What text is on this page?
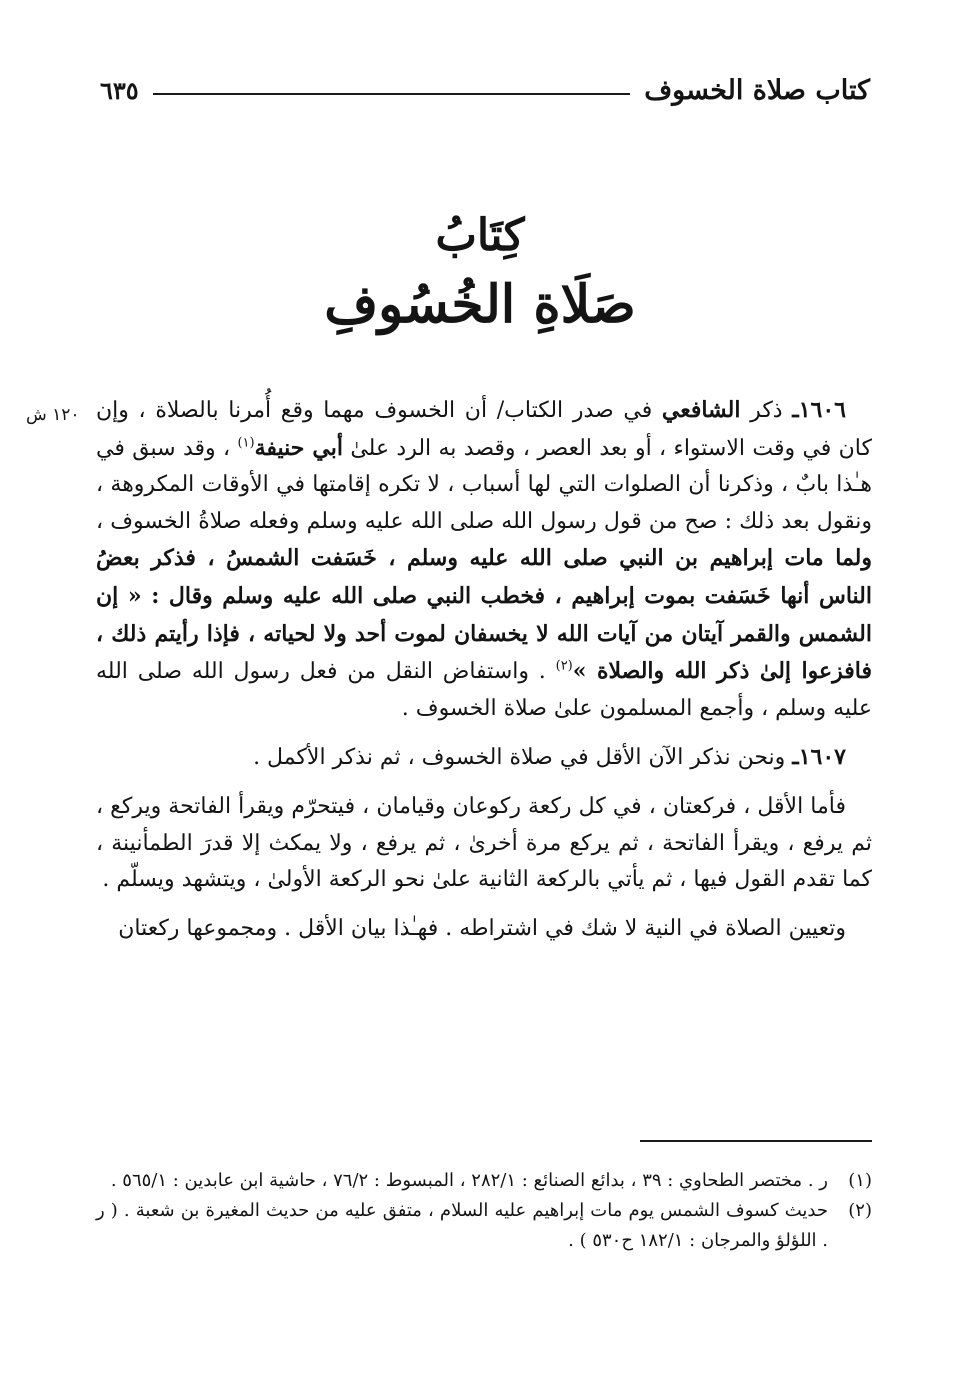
كتاب صلاة الخسوف
٦٣٥
كِتَابُ
صَلَاةِ الخُسُوفِ
١٢٠ ش	١٦٠٦ـ ذكر الشافعي في صدر الكتاب/ أن الخسوف مهما وقع أُمرنا بالصلاة ، وإن كان في وقت الاستواء ، أو بعد العصر ، وقصد به الرد علىٰ أبي حنيفة$^{(١)}$ ، وقد سبق في هـٰذا بابٌ ، وذكرنا أن الصلوات التي لها أسباب ، لا تكره إقامتها في الأوقات المكروهة ، ونقول بعد ذلك : صح من قول رسول الله صلى الله عليه وسلم وفعله صلاةُ الخسوف ، ولما مات إبراهيم بن النبي صلى الله عليه وسلم ، خَسَفت الشمسُ ، فذكر بعضُ الناس أنها خَسَفت بموت إبراهيم ، فخطب النبي صلى الله عليه وسلم وقال : « إن الشمس والقمر آيتان من آيات الله لا يخسفان لموت أحد ولا لحياته ، فإذا رأيتم ذلك ، فافزعوا إلىٰ ذكر الله والصلاة »$^{(٢)}$ . واستفاض النقل من فعل رسول الله صلى الله عليه وسلم ، وأجمع المسلمون علىٰ صلاة الخسوف .

١٦٠٧ـ ونحن نذكر الآن الأقل في صلاة الخسوف ، ثم نذكر الأكمل .

فأما الأقل ، فركعتان ، في كل ركعة ركوعان وقيامان ، فيتحرّم ويقرأ الفاتحة ويركع ، ثم يرفع ، ويقرأ الفاتحة ، ثم يركع مرة أخرىٰ ، ثم يرفع ، ولا يمكث إلا قدرَ الطمأنينة ، كما تقدم القول فيها ، ثم يأتي بالركعة الثانية علىٰ نحو الركعة الأولىٰ ، ويتشهد ويسلّم .

وتعيين الصلاة في النية لا شك في اشتراطه . فهـٰذا بيان الأقل . ومجموعها ركعتان

(١)
ر . مختصر الطحاوي : ٣٩ ، بدائع الصنائع : ٢٨٢/١ ، المبسوط : ٧٦/٢ ، حاشية ابن عابدين : ٥٦٥/١ .
(٢)
حديث كسوف الشمس يوم مات إبراهيم عليه السلام ، متفق عليه من حديث المغيرة بن شعبة . ( ر . اللؤلؤ والمرجان : ١٨٢/١ ح٥٣٠ ) .
